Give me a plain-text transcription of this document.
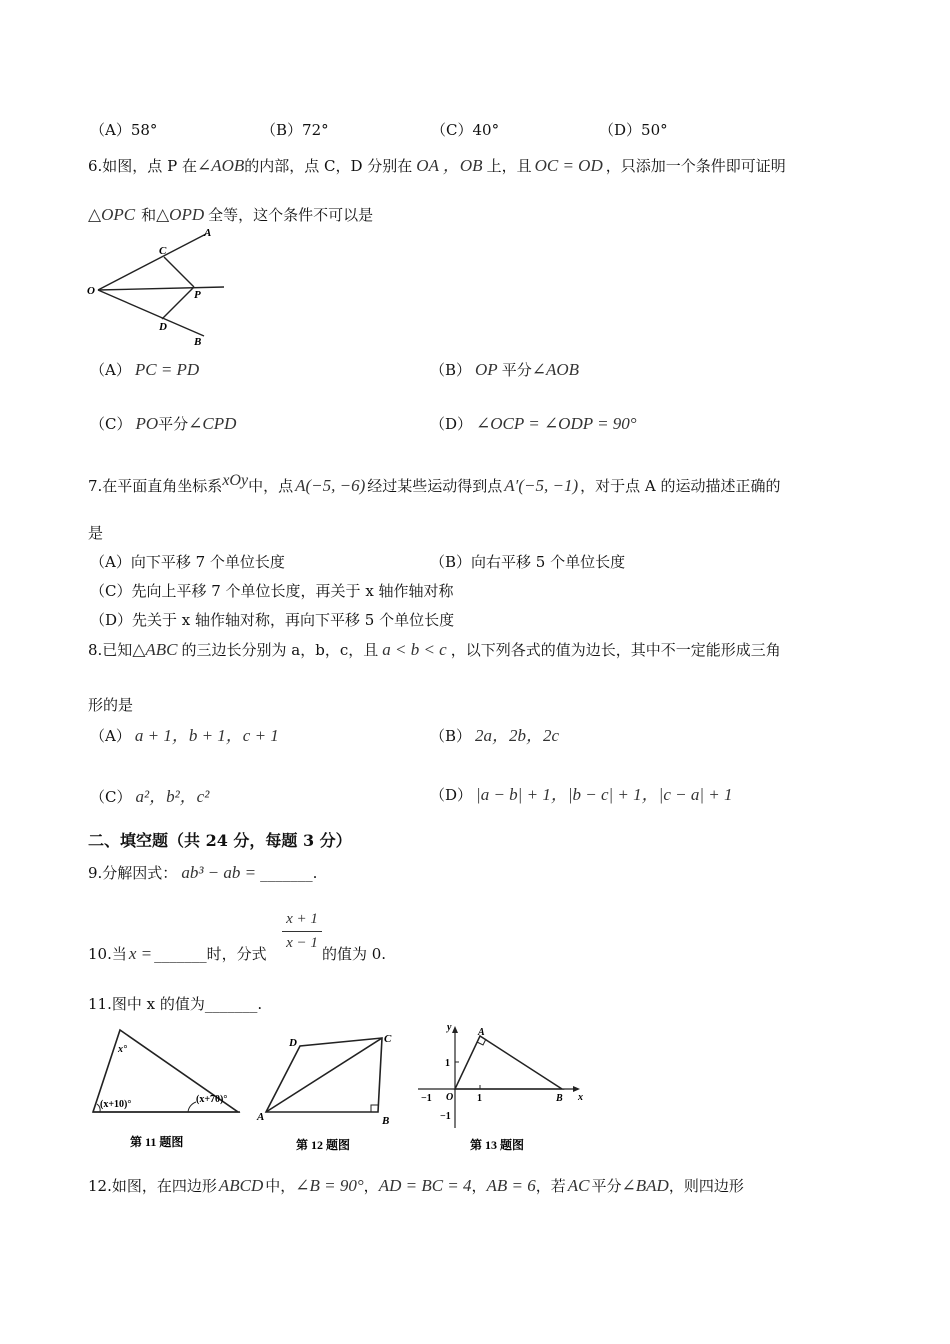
（A）58°	（B）72°	（C）40°	（D）50°
6.如图，点 P 在∠AOB的内部，点 C，D 分别在 OA ，OB 上，且 OC = OD ，只添加一个条件即可证明
△OPC 和△OPD 全等，这个条件不可以是
A
C
O	P
D
B
（A） PC = PD	（B） OP 平分∠AOB
（C） PO平分∠CPD	（D） ∠OCP = ∠ODP = 90°
7.在平面直角坐标系xOy中，点 A(−5, −6) 经过某些运动得到点 A′(−5, −1) ，对于点 A 的运动描述正确的
是
（A）向下平移 7 个单位长度	（B）向右平移 5 个单位长度
（C）先向上平移 7 个单位长度，再关于 x 轴作轴对称
（D）先关于 x 轴作轴对称，再向下平移 5 个单位长度
8.已知△ABC 的三边长分别为 a，b，c，且 a < b < c ，以下列各式的值为边长，其中不一定能形成三角
形的是
（A） a + 1，b + 1，c + 1	（B） 2a，2b，2c
（C） a²，b²，c²	（D） |a − b| + 1，|b − c| + 1，|c − a| + 1
二、填空题（共 24 分，每题 3 分）
9.分解因式： ab³ − ab = _______.
10.当 x = _______时，分式
$\frac{x + 1}{x - 1}$
的值为 0.
11.图中 x 的值为_______.
x°
(x+10)°	(x+70)°
第 11 题图
A	B
C
D
第 12 题图
y
x
O
A
B
1
−1
1
−1
第 13 题图
12.如图，在四边形 ABCD 中，∠B = 90°，AD = BC = 4，AB = 6，若 AC 平分∠BAD，则四边形
